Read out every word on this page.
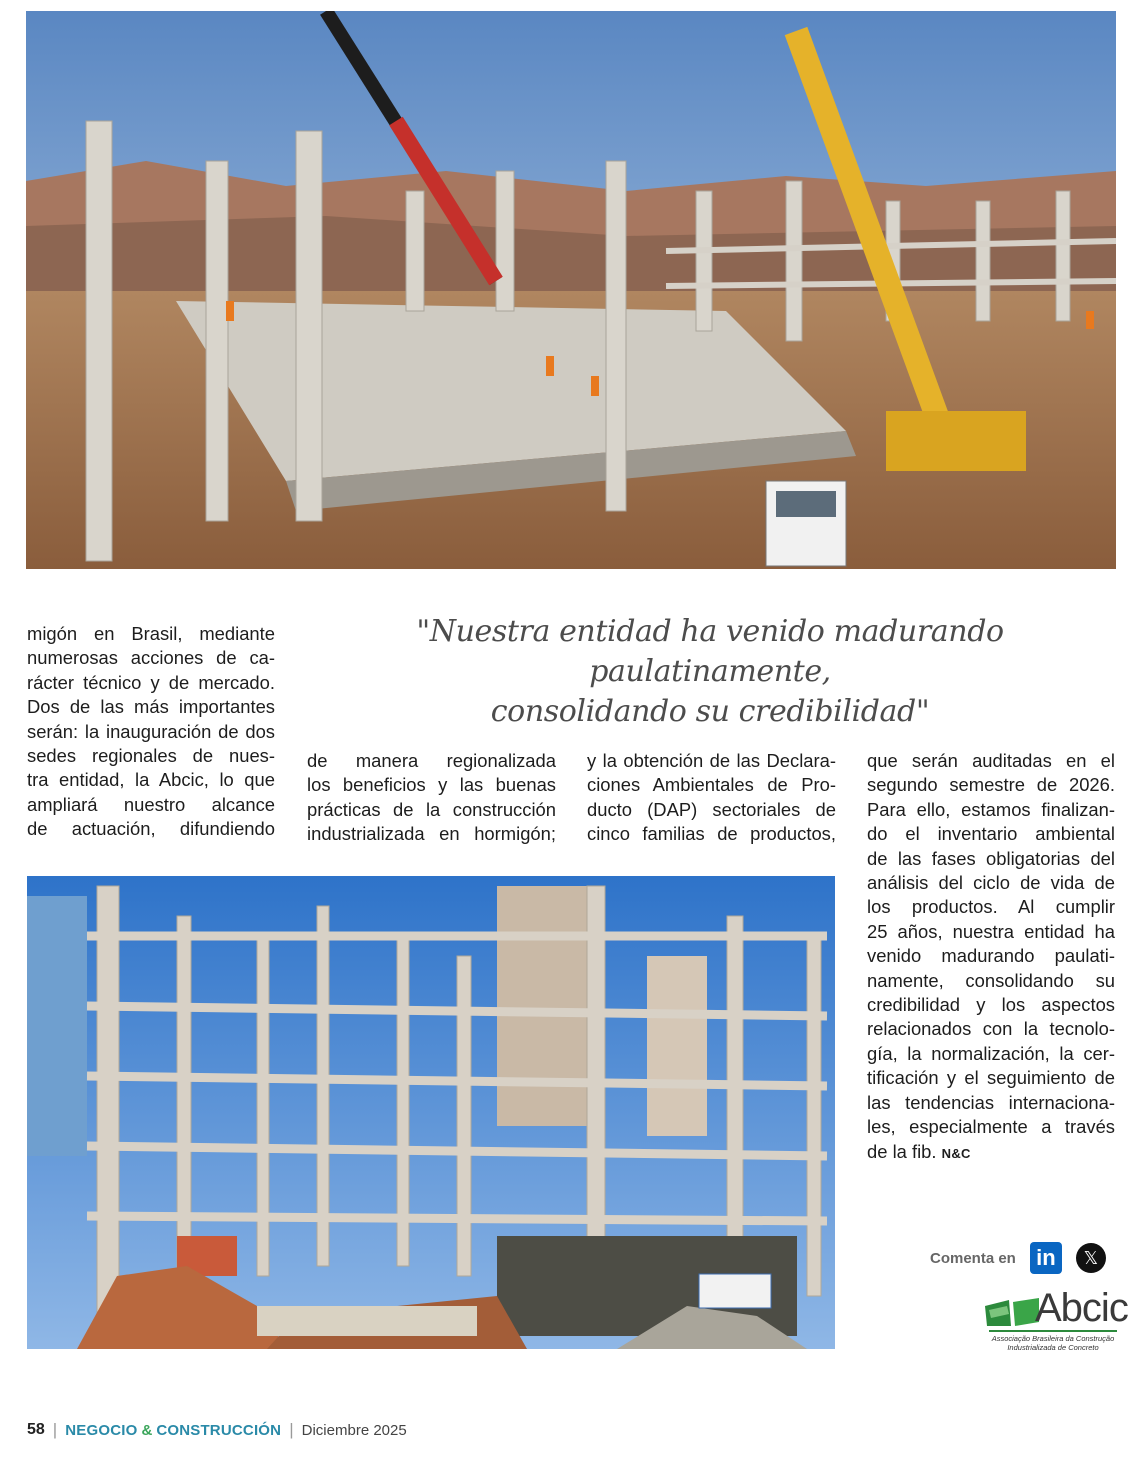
"Nuestra entidad ha venido madurando paulatinamente,
consolidando su credibilidad"
migón en Brasil, mediante
numerosas acciones de ca-
rácter técnico y de mercado.
Dos de las más importantes
serán: la inauguración de dos
sedes regionales de nues-
tra entidad, la Abcic, lo que
ampliará nuestro alcance
de actuación, difundiendo
de manera regionalizada
los beneficios y las buenas
prácticas de la construcción
industrializada en hormigón;
y la obtención de las Declara-
ciones Ambientales de Pro-
ducto (DAP) sectoriales de
cinco familias de productos,
que serán auditadas en el
segundo semestre de 2026.
Para ello, estamos finalizan-
do el inventario ambiental
de las fases obligatorias del
análisis del ciclo de vida de
los productos. Al cumplir
25 años, nuestra entidad ha
venido madurando paulati-
namente, consolidando su
credibilidad y los aspectos
relacionados con la tecnolo-
gía, la normalización, la cer-
tificación y el seguimiento de
las tendencias internaciona-
les, especialmente a través
de la fib. N&C
Comenta en in	𝕏
Abcic
Associação Brasileira da Construção
Industrializada de Concreto
58 | NEGOCIO & CONSTRUCCIÓN | Diciembre 2025
